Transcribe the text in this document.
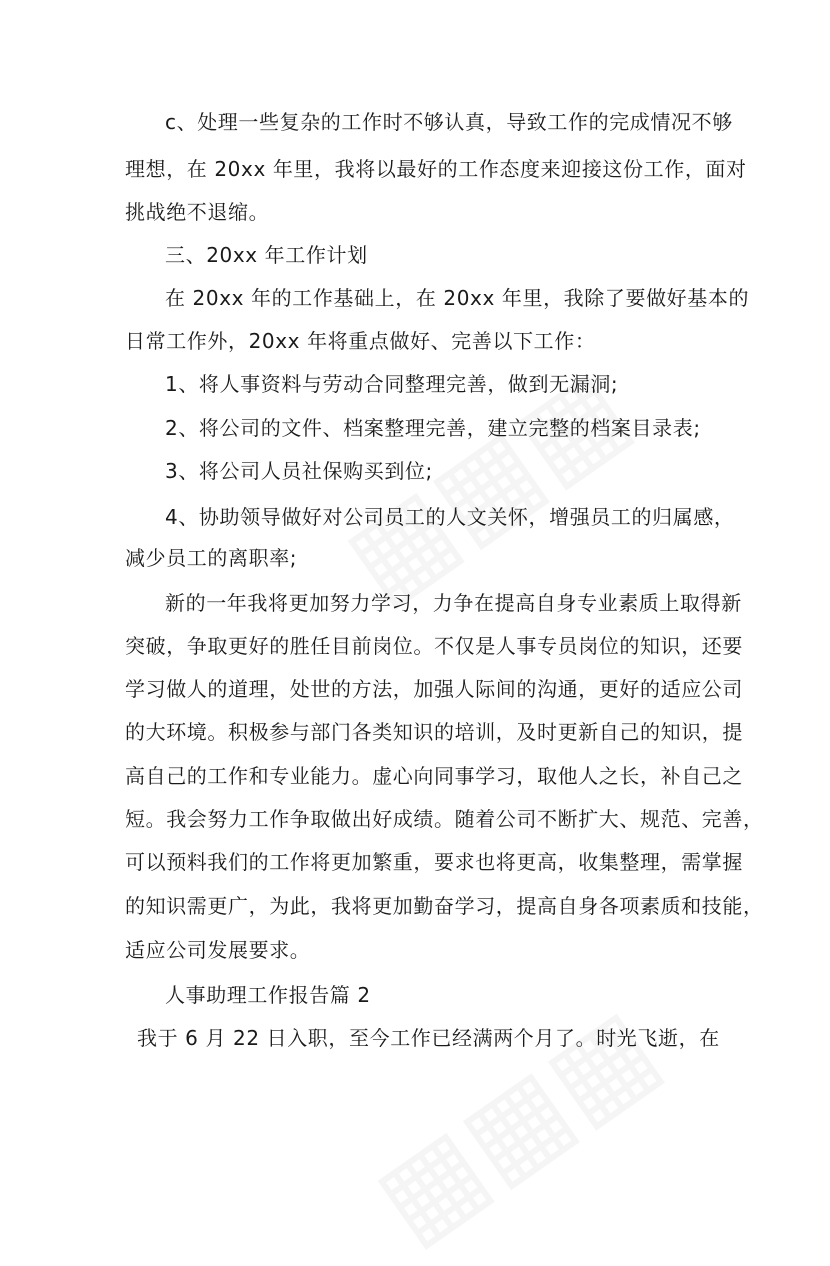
c、处理一些复杂的工作时不够认真，导致工作的完成情况不够
理想，在 20xx 年里，我将以最好的工作态度来迎接这份工作，面对
挑战绝不退缩。
三、20xx 年工作计划
在 20xx 年的工作基础上，在 20xx 年里，我除了要做好基本的
日常工作外，20xx 年将重点做好、完善以下工作：
1、将人事资料与劳动合同整理完善，做到无漏洞;
2、将公司的文件、档案整理完善，建立完整的档案目录表;
3、将公司人员社保购买到位;
4、协助领导做好对公司员工的人文关怀，增强员工的归属感，
减少员工的离职率;
新的一年我将更加努力学习，力争在提高自身专业素质上取得新
突破，争取更好的胜任目前岗位。不仅是人事专员岗位的知识，还要
学习做人的道理，处世的方法，加强人际间的沟通，更好的适应公司
的大环境。积极参与部门各类知识的培训，及时更新自己的知识，提
高自己的工作和专业能力。虚心向同事学习，取他人之长，补自己之
短。我会努力工作争取做出好成绩。随着公司不断扩大、规范、完善，
可以预料我们的工作将更加繁重，要求也将更高，收集整理，需掌握
的知识需更广，为此，我将更加勤奋学习，提高自身各项素质和技能，
适应公司发展要求。
人事助理工作报告篇 2
我于 6 月 22 日入职，至今工作已经满两个月了。时光飞逝，在
